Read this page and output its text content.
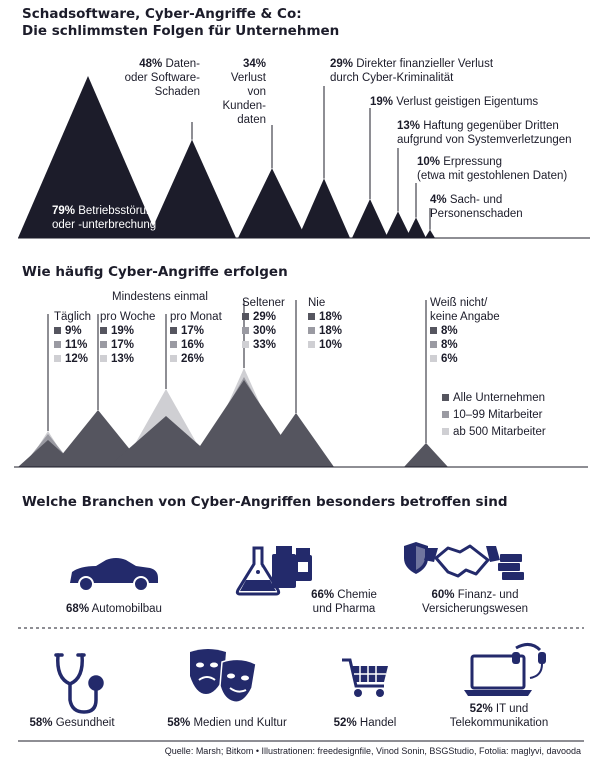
Schadsoftware, Cyber-Angriffe & Co:
Die schlimmsten Folgen für Unternehmen
79% Betriebsstörung
oder -unterbrechung
48% Daten-
oder Software-
Schaden
34%
Verlust
von
Kunden-
daten
29% Direkter finanzieller Verlust
durch Cyber-Kriminalität
19% Verlust geistigen Eigentums
13% Haftung gegenüber Dritten
aufgrund von Systemverletzungen
10% Erpressung
(etwa mit gestohlenen Daten)
4% Sach- und
Personenschaden
Wie häufig Cyber-Angriffe erfolgen
Mindestens einmal
Täglich
9%
11%
12%
pro Woche
19%
17%
13%
pro Monat
17%
16%
26%
Seltener
29%
30%
33%
Nie
18%
18%
10%
Weiß nicht/
keine Angabe
8%
8%
6%
Alle Unternehmen
10–99 Mitarbeiter
ab 500 Mitarbeiter
Welche Branchen von Cyber-Angriffen besonders betroffen sind
68% Automobilbau
66% Chemie
und Pharma
60% Finanz- und
Versicherungswesen
58% Gesundheit	58% Medien und Kultur	52% Handel
52% IT und
Telekommunikation
Quelle: Marsh; Bitkom • Illustrationen: freedesignfile, Vinod Sonin, BSGStudio, Fotolia: maglyvi, davooda
